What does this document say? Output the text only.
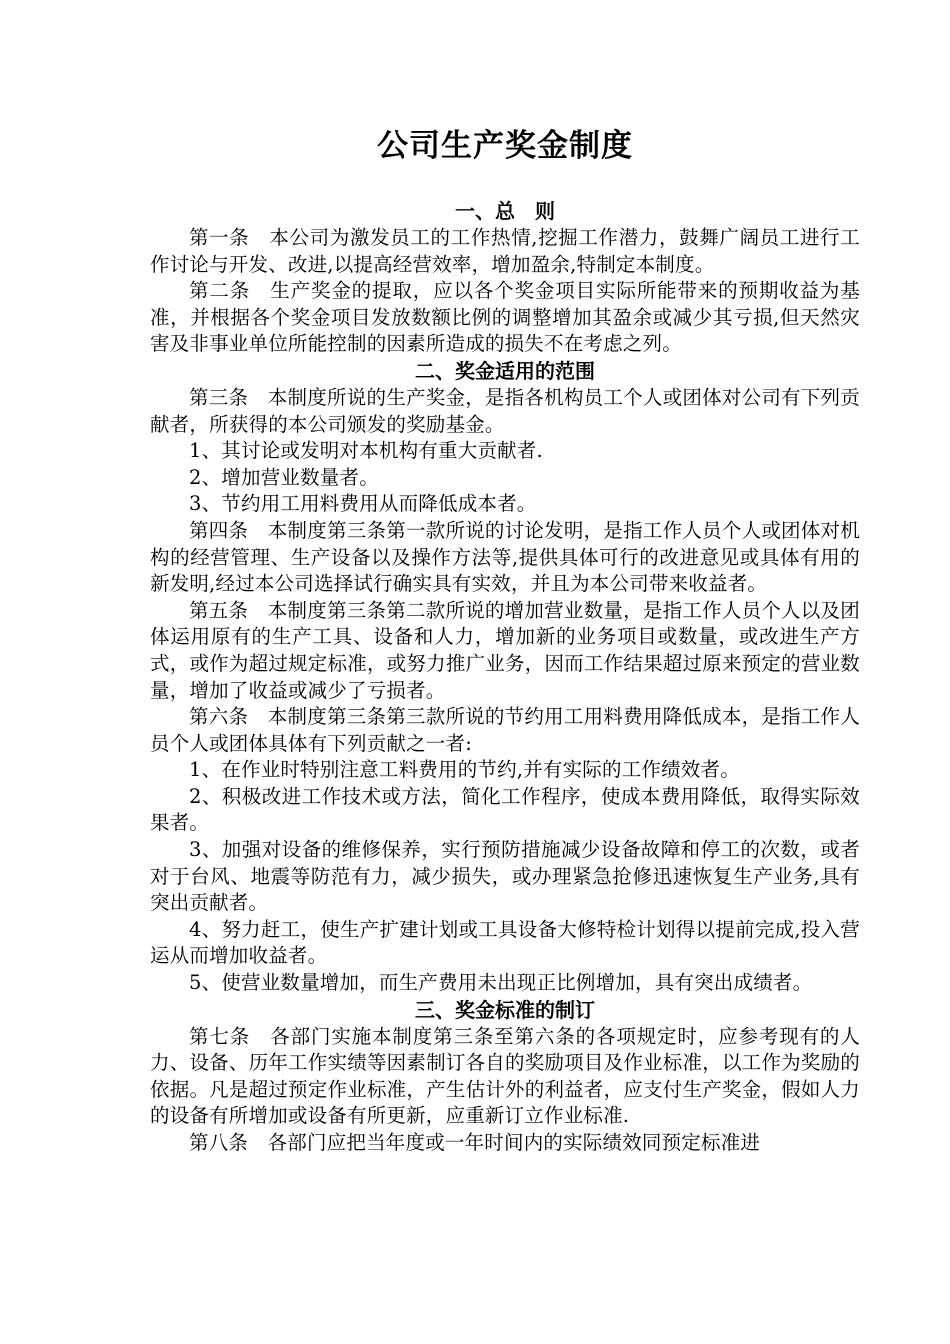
公司生产奖金制度
一、总　则

第一条 本公司为激发员工的工作热情,挖掘工作潜力，鼓舞广阔员工进行工作讨论与开发、改进,以提高经营效率，增加盈余,特制定本制度。

第二条 生产奖金的提取，应以各个奖金项目实际所能带来的预期收益为基准，并根据各个奖金项目发放数额比例的调整增加其盈余或减少其亏损,但天然灾害及非事业单位所能控制的因素所造成的损失不在考虑之列。

二、奖金适用的范围

第三条 本制度所说的生产奖金，是指各机构员工个人或团体对公司有下列贡献者，所获得的本公司颁发的奖励基金。

1、其讨论或发明对本机构有重大贡献者.

2、增加营业数量者。

3、节约用工用料费用从而降低成本者。

第四条 本制度第三条第一款所说的讨论发明，是指工作人员个人或团体对机构的经营管理、生产设备以及操作方法等,提供具体可行的改进意见或具体有用的新发明,经过本公司选择试行确实具有实效，并且为本公司带来收益者。

第五条 本制度第三条第二款所说的增加营业数量，是指工作人员个人以及团体运用原有的生产工具、设备和人力，增加新的业务项目或数量，或改进生产方式，或作为超过规定标准，或努力推广业务，因而工作结果超过原来预定的营业数量，增加了收益或减少了亏损者。

第六条 本制度第三条第三款所说的节约用工用料费用降低成本，是指工作人员个人或团体具体有下列贡献之一者:

1、在作业时特别注意工料费用的节约,并有实际的工作绩效者。

2、积极改进工作技术或方法，简化工作程序，使成本费用降低，取得实际效果者。

3、加强对设备的维修保养，实行预防措施减少设备故障和停工的次数，或者对于台风、地震等防范有力，减少损失，或办理紧急抢修迅速恢复生产业务,具有突出贡献者。

4、努力赶工，使生产扩建计划或工具设备大修特检计划得以提前完成,投入营运从而增加收益者。

5、使营业数量增加，而生产费用未出现正比例增加，具有突出成绩者。

三、奖金标准的制订

第七条 各部门实施本制度第三条至第六条的各项规定时，应参考现有的人力、设备、历年工作实绩等因素制订各自的奖励项目及作业标准，以工作为奖励的依据。凡是超过预定作业标准，产生估计外的利益者，应支付生产奖金，假如人力的设备有所增加或设备有所更新，应重新订立作业标准.

第八条 各部门应把当年度或一年时间内的实际绩效同预定标准进
